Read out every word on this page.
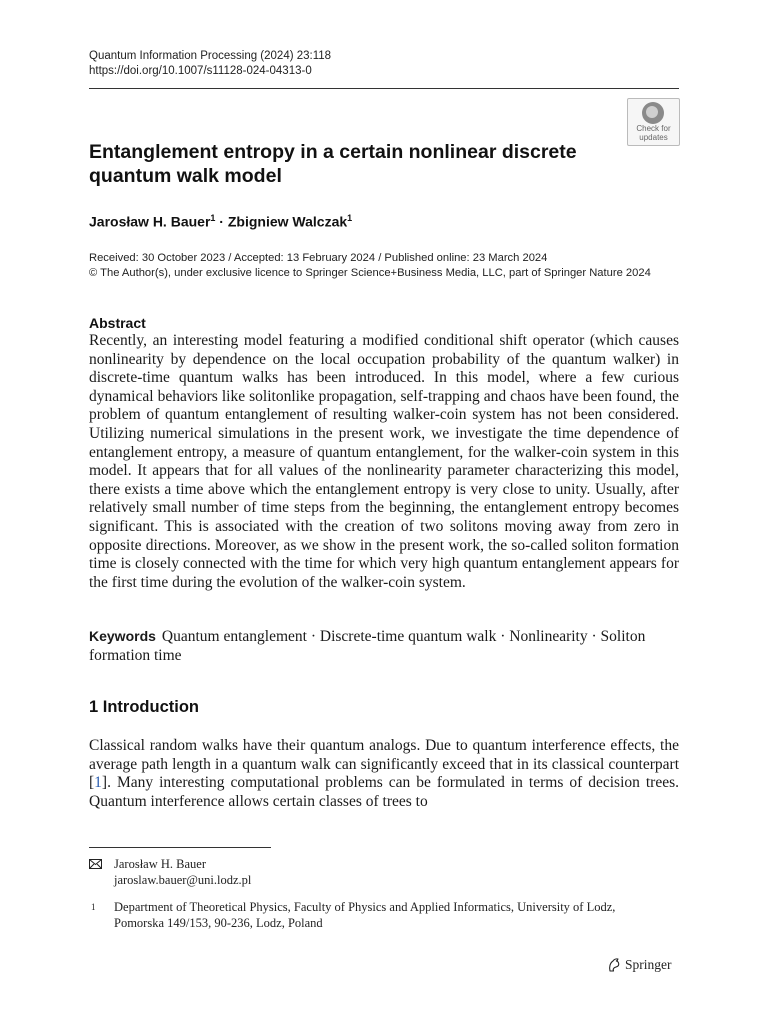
Quantum Information Processing (2024) 23:118
https://doi.org/10.1007/s11128-024-04313-0
Check for
updates
Entanglement entropy in a certain nonlinear discrete quantum walk model
Jarosław H. Bauer$^1$ · Zbigniew Walczak$^1$
Received: 30 October 2023 / Accepted: 13 February 2024 / Published online: 23 March 2024
© The Author(s), under exclusive licence to Springer Science+Business Media, LLC, part of Springer Nature 2024
Abstract

Recently, an interesting model featuring a modified conditional shift operator (which causes nonlinearity by dependence on the local occupation probability of the quantum walker) in discrete-time quantum walks has been introduced. In this model, where a few curious dynamical behaviors like solitonlike propagation, self-trapping and chaos have been found, the problem of quantum entanglement of resulting walker-coin system has not been considered. Utilizing numerical simulations in the present work, we investigate the time dependence of entanglement entropy, a measure of quantum entanglement, for the walker-coin system in this model. It appears that for all values of the nonlinearity parameter characterizing this model, there exists a time above which the entanglement entropy is very close to unity. Usually, after relatively small number of time steps from the beginning, the entanglement entropy becomes significant. This is associated with the creation of two solitons moving away from zero in opposite directions. Moreover, as we show in the present work, the so-called soliton formation time is closely connected with the time for which very high quantum entanglement appears for the first time during the evolution of the walker-coin system.

Keywords Quantum entanglement · Discrete-time quantum walk · Nonlinearity · Soliton formation time
1 Introduction

Classical random walks have their quantum analogs. Due to quantum interference effects, the average path length in a quantum walk can significantly exceed that in its classical counterpart [1]. Many interesting computational problems can be formulated in terms of decision trees. Quantum interference allows certain classes of trees to

Jarosław H. Bauer
jaroslaw.bauer@uni.lodz.pl
1 Department of Theoretical Physics, Faculty of Physics and Applied Informatics, University of Lodz,
Pomorska 149/153, 90-236, Lodz, Poland
Springer
